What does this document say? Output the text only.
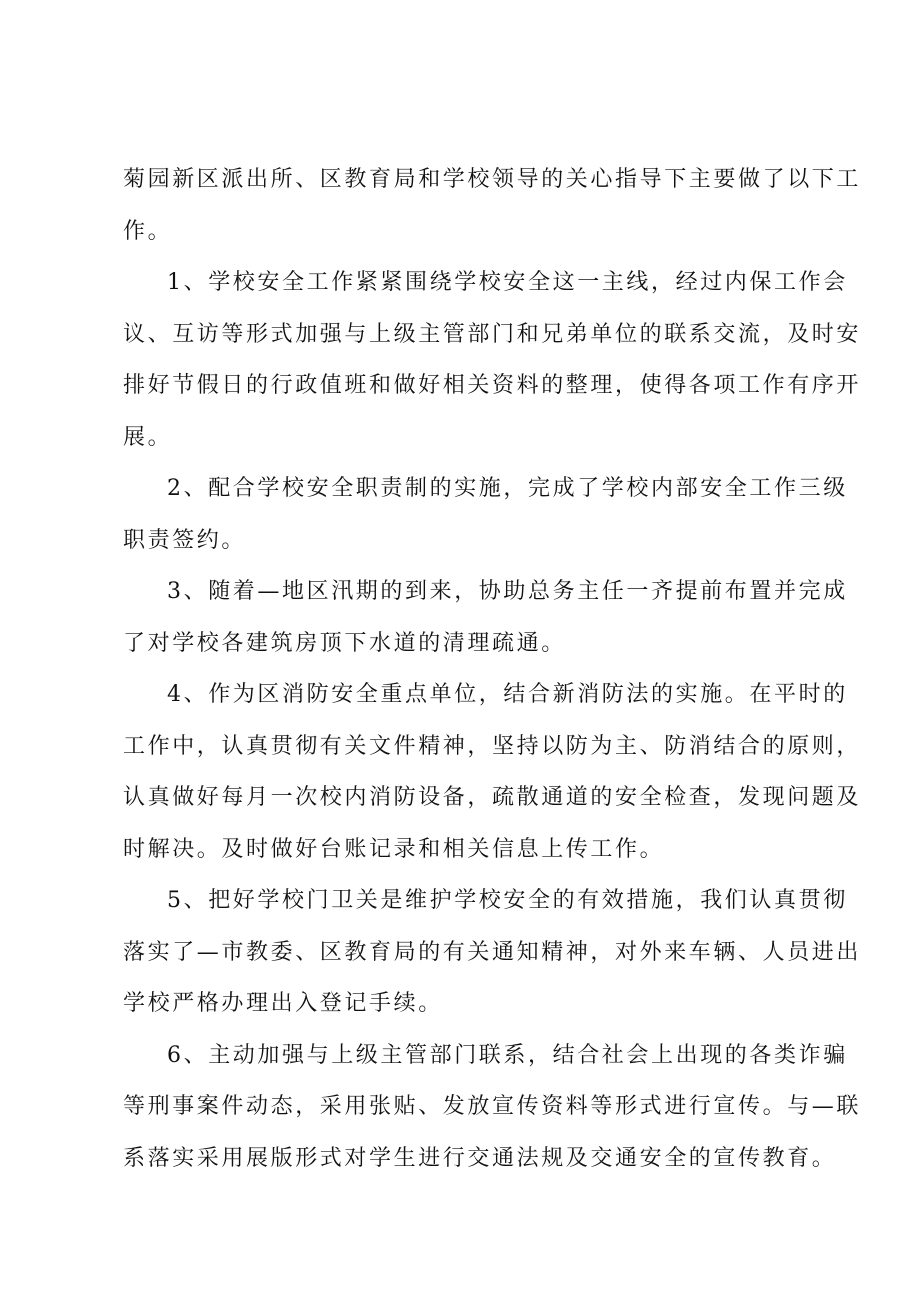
菊园新区派出所、区教育局和学校领导的关心指导下主要做了以下工
作。
1、学校安全工作紧紧围绕学校安全这一主线，经过内保工作会
议、互访等形式加强与上级主管部门和兄弟单位的联系交流，及时安
排好节假日的行政值班和做好相关资料的整理，使得各项工作有序开
展。
2、配合学校安全职责制的实施，完成了学校内部安全工作三级
职责签约。
3、随着—地区汛期的到来，协助总务主任一齐提前布置并完成
了对学校各建筑房顶下水道的清理疏通。
4、作为区消防安全重点单位，结合新消防法的实施。在平时的
工作中，认真贯彻有关文件精神，坚持以防为主、防消结合的原则，
认真做好每月一次校内消防设备，疏散通道的安全检查，发现问题及
时解决。及时做好台账记录和相关信息上传工作。
5、把好学校门卫关是维护学校安全的有效措施，我们认真贯彻
落实了—市教委、区教育局的有关通知精神，对外来车辆、人员进出
学校严格办理出入登记手续。
6、主动加强与上级主管部门联系，结合社会上出现的各类诈骗
等刑事案件动态，采用张贴、发放宣传资料等形式进行宣传。与—联
系落实采用展版形式对学生进行交通法规及交通安全的宣传教育。
